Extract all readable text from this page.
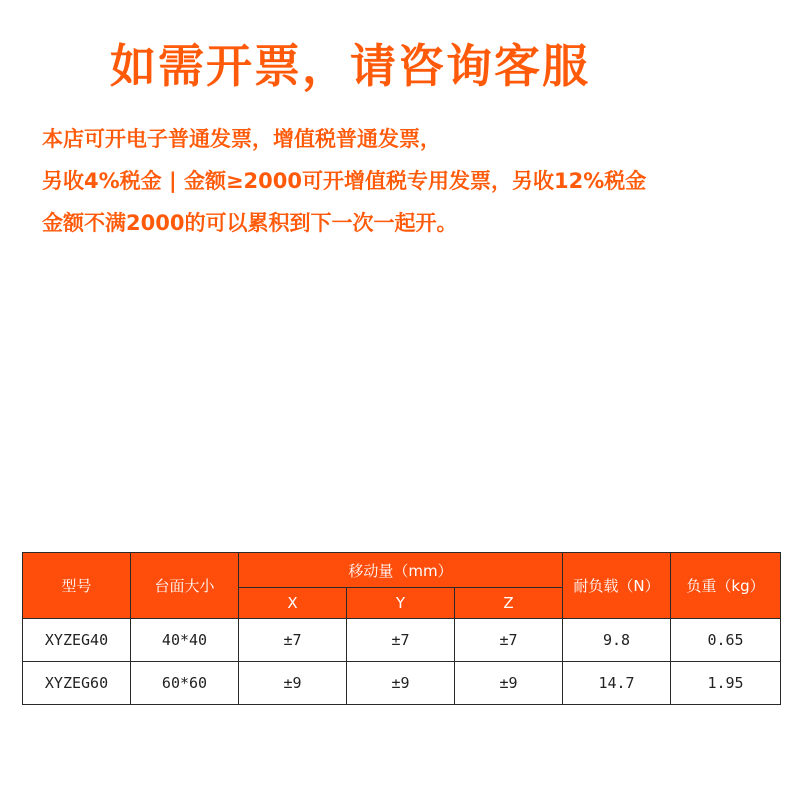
如需开票，请咨询客服
本店可开电子普通发票，增值税普通发票，
另收4%税金 | 金额≥2000可开增值税专用发票，另收12%税金
金额不满2000的可以累积到下一次一起开。
型号	台面大小	移动量（mm）			耐负载（N）	负重（kg）
		X	Y	Z		
XYZEG40	40*40	±7	±7	±7	9.8	0.65
XYZEG60	60*60	±9	±9	±9	14.7	1.95
